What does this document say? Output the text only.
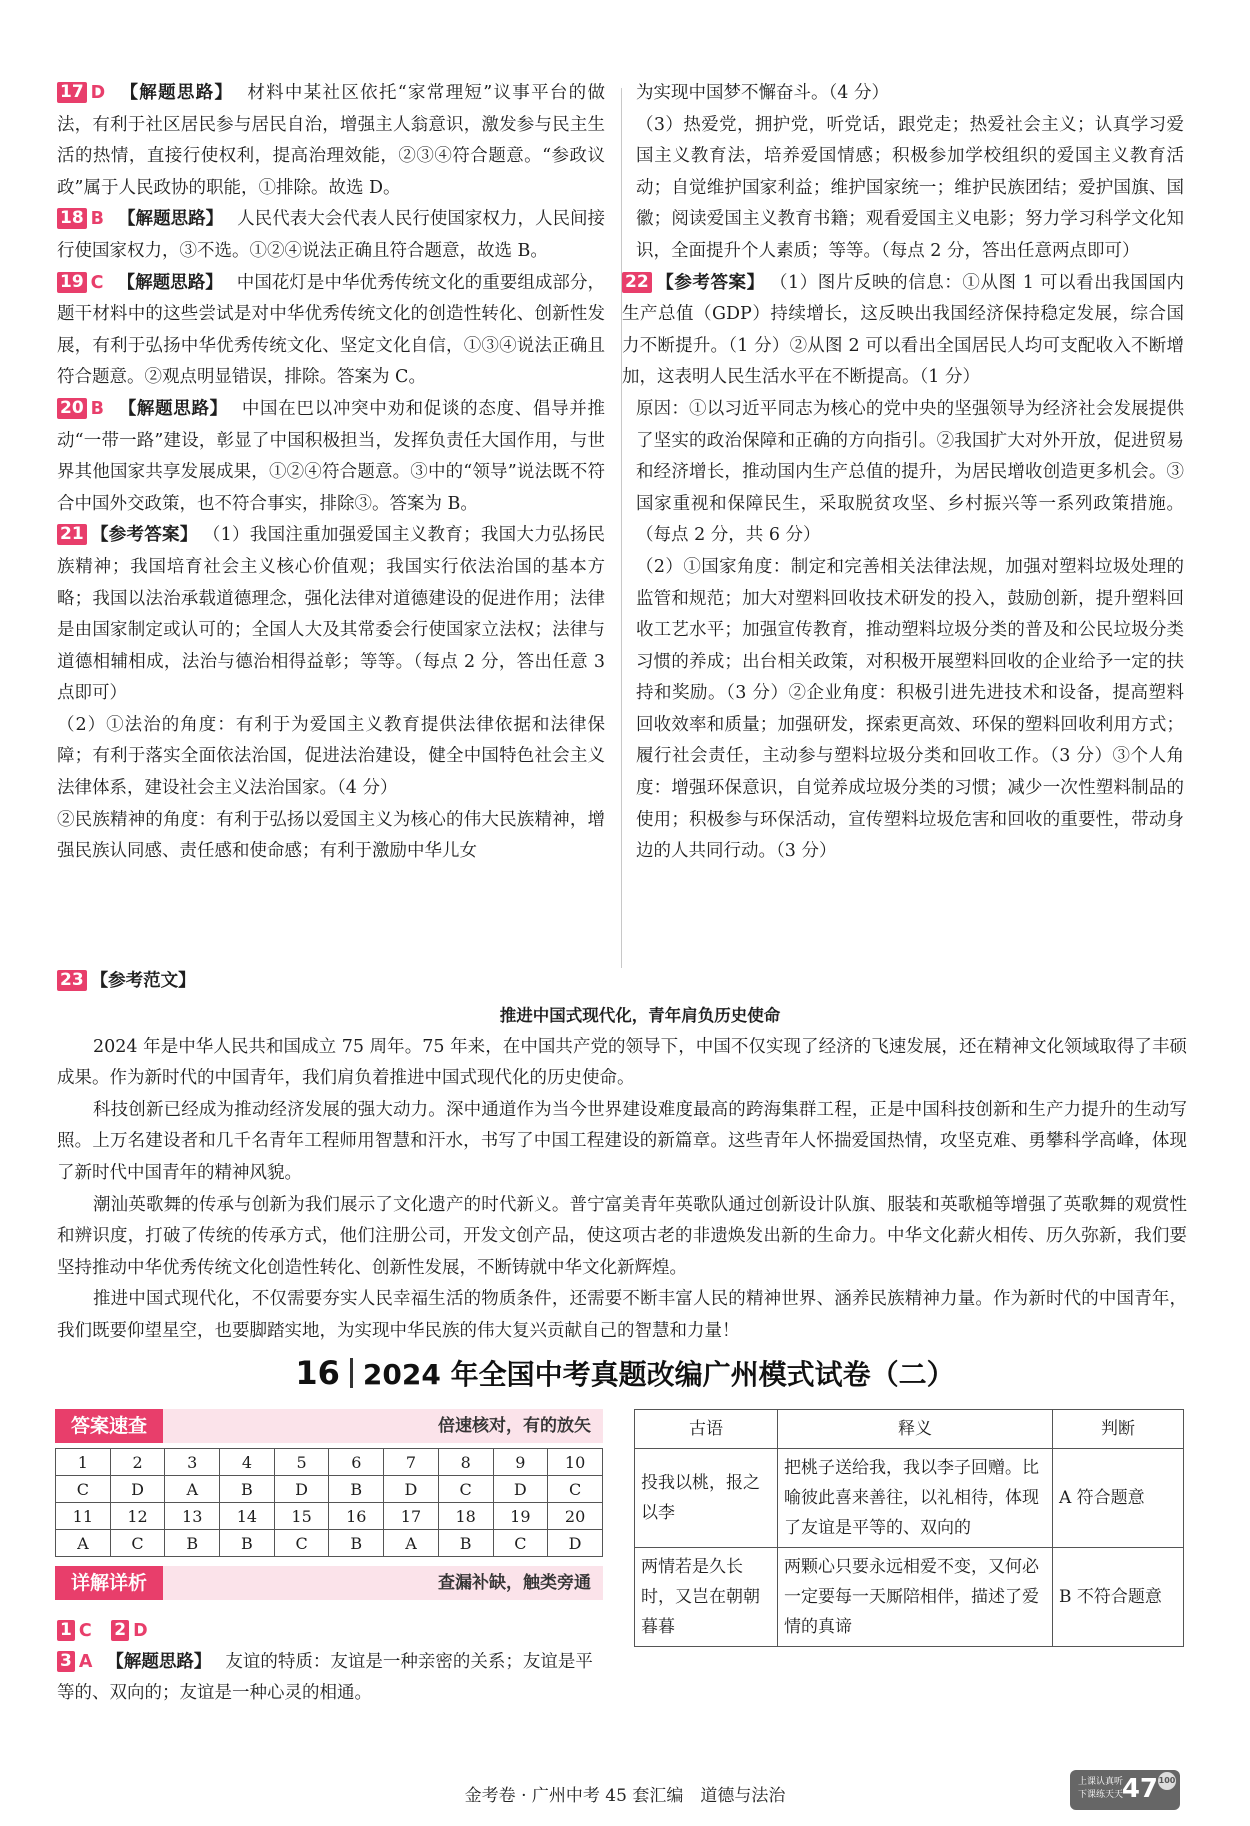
17 D 【解题思路】 材料中某社区依托“家常理短”议事平台的做法，有利于社区居民参与居民自治，增强主人翁意识，激发参与民主生活的热情，直接行使权利，提高治理效能，②③④符合题意。“参政议政”属于人民政协的职能，①排除。故选 D。

18 B 【解题思路】 人民代表大会代表人民行使国家权力，人民间接行使国家权力，③不选。①②④说法正确且符合题意，故选 B。

19 C 【解题思路】 中国花灯是中华优秀传统文化的重要组成部分，题干材料中的这些尝试是对中华优秀传统文化的创造性转化、创新性发展，有利于弘扬中华优秀传统文化、坚定文化自信，①③④说法正确且符合题意。②观点明显错误，排除。答案为 C。

20 B 【解题思路】 中国在巴以冲突中劝和促谈的态度、倡导并推动“一带一路”建设，彰显了中国积极担当，发挥负责任大国作用，与世界其他国家共享发展成果，①②④符合题意。③中的“领导”说法既不符合中国外交政策，也不符合事实，排除③。答案为 B。

21 【参考答案】 （1）我国注重加强爱国主义教育；我国大力弘扬民族精神；我国培育社会主义核心价值观；我国实行依法治国的基本方略；我国以法治承载道德理念，强化法律对道德建设的促进作用；法律是由国家制定或认可的；全国人大及其常委会行使国家立法权；法律与道德相辅相成，法治与德治相得益彰；等等。（每点 2 分，答出任意 3 点即可）

（2）①法治的角度：有利于为爱国主义教育提供法律依据和法律保障；有利于落实全面依法治国，促进法治建设，健全中国特色社会主义法律体系，建设社会主义法治国家。（4 分）

②民族精神的角度：有利于弘扬以爱国主义为核心的伟大民族精神，增强民族认同感、责任感和使命感；有利于激励中华儿女

为实现中国梦不懈奋斗。（4 分）

（3）热爱党，拥护党，听党话，跟党走；热爱社会主义；认真学习爱国主义教育法，培养爱国情感；积极参加学校组织的爱国主义教育活动；自觉维护国家利益；维护国家统一；维护民族团结；爱护国旗、国徽；阅读爱国主义教育书籍；观看爱国主义电影；努力学习科学文化知识，全面提升个人素质；等等。（每点 2 分，答出任意两点即可）

22 【参考答案】 （1）图片反映的信息：①从图 1 可以看出我国国内生产总值（GDP）持续增长，这反映出我国经济保持稳定发展，综合国力不断提升。（1 分）②从图 2 可以看出全国居民人均可支配收入不断增加，这表明人民生活水平在不断提高。（1 分）

原因：①以习近平同志为核心的党中央的坚强领导为经济社会发展提供了坚实的政治保障和正确的方向指引。②我国扩大对外开放，促进贸易和经济增长，推动国内生产总值的提升，为居民增收创造更多机会。③国家重视和保障民生，采取脱贫攻坚、乡村振兴等一系列政策措施。（每点 2 分，共 6 分）

（2）①国家角度：制定和完善相关法律法规，加强对塑料垃圾处理的监管和规范；加大对塑料回收技术研发的投入，鼓励创新，提升塑料回收工艺水平；加强宣传教育，推动塑料垃圾分类的普及和公民垃圾分类习惯的养成；出台相关政策，对积极开展塑料回收的企业给予一定的扶持和奖励。（3 分）②企业角度：积极引进先进技术和设备，提高塑料回收效率和质量；加强研发，探索更高效、环保的塑料回收利用方式；履行社会责任，主动参与塑料垃圾分类和回收工作。（3 分）③个人角度：增强环保意识，自觉养成垃圾分类的习惯；减少一次性塑料制品的使用；积极参与环保活动，宣传塑料垃圾危害和回收的重要性，带动身边的人共同行动。（3 分）

23 【参考范文】

推进中国式现代化，青年肩负历史使命

2024 年是中华人民共和国成立 75 周年。75 年来，在中国共产党的领导下，中国不仅实现了经济的飞速发展，还在精神文化领域取得了丰硕成果。作为新时代的中国青年，我们肩负着推进中国式现代化的历史使命。

科技创新已经成为推动经济发展的强大动力。深中通道作为当今世界建设难度最高的跨海集群工程，正是中国科技创新和生产力提升的生动写照。上万名建设者和几千名青年工程师用智慧和汗水，书写了中国工程建设的新篇章。这些青年人怀揣爱国热情，攻坚克难、勇攀科学高峰，体现了新时代中国青年的精神风貌。

潮汕英歌舞的传承与创新为我们展示了文化遗产的时代新义。普宁富美青年英歌队通过创新设计队旗、服装和英歌槌等增强了英歌舞的观赏性和辨识度，打破了传统的传承方式，他们注册公司，开发文创产品，使这项古老的非遗焕发出新的生命力。中华文化薪火相传、历久弥新，我们要坚持推动中华优秀传统文化创造性转化、创新性发展，不断铸就中华文化新辉煌。

推进中国式现代化，不仅需要夯实人民幸福生活的物质条件，还需要不断丰富人民的精神世界、涵养民族精神力量。作为新时代的中国青年，我们既要仰望星空，也要脚踏实地，为实现中华民族的伟大复兴贡献自己的智慧和力量！

16 2024 年全国中考真题改编广州模式试卷（二）
答案速查	倍速核对，有的放矢
1	2	3	4	5	6	7	8	9	10
C	D	A	B	D	B	D	C	D	C
11	12	13	14	15	16	17	18	19	20
A	C	B	B	C	B	A	B	C	D
详解详析	查漏补缺，触类旁通

1 C 2 D

3 A 【解题思路】 友谊的特质：友谊是一种亲密的关系；友谊是平等的、双向的；友谊是一种心灵的相通。

古语	释义	判断
投我以桃，报之以李	把桃子送给我，我以李子回赠。比喻彼此喜来善往，以礼相待，体现了友谊是平等的、双向的	A 符合题意
两情若是久长时，又岂在朝朝暮暮	两颗心只要永远相爱不变，又何必一定要每一天厮陪相伴，描述了爱情的真谛	B 不符合题意
金考卷 · 广州中考 45 套汇编　道德与法治
上课认真听 下课练天天
47 100
